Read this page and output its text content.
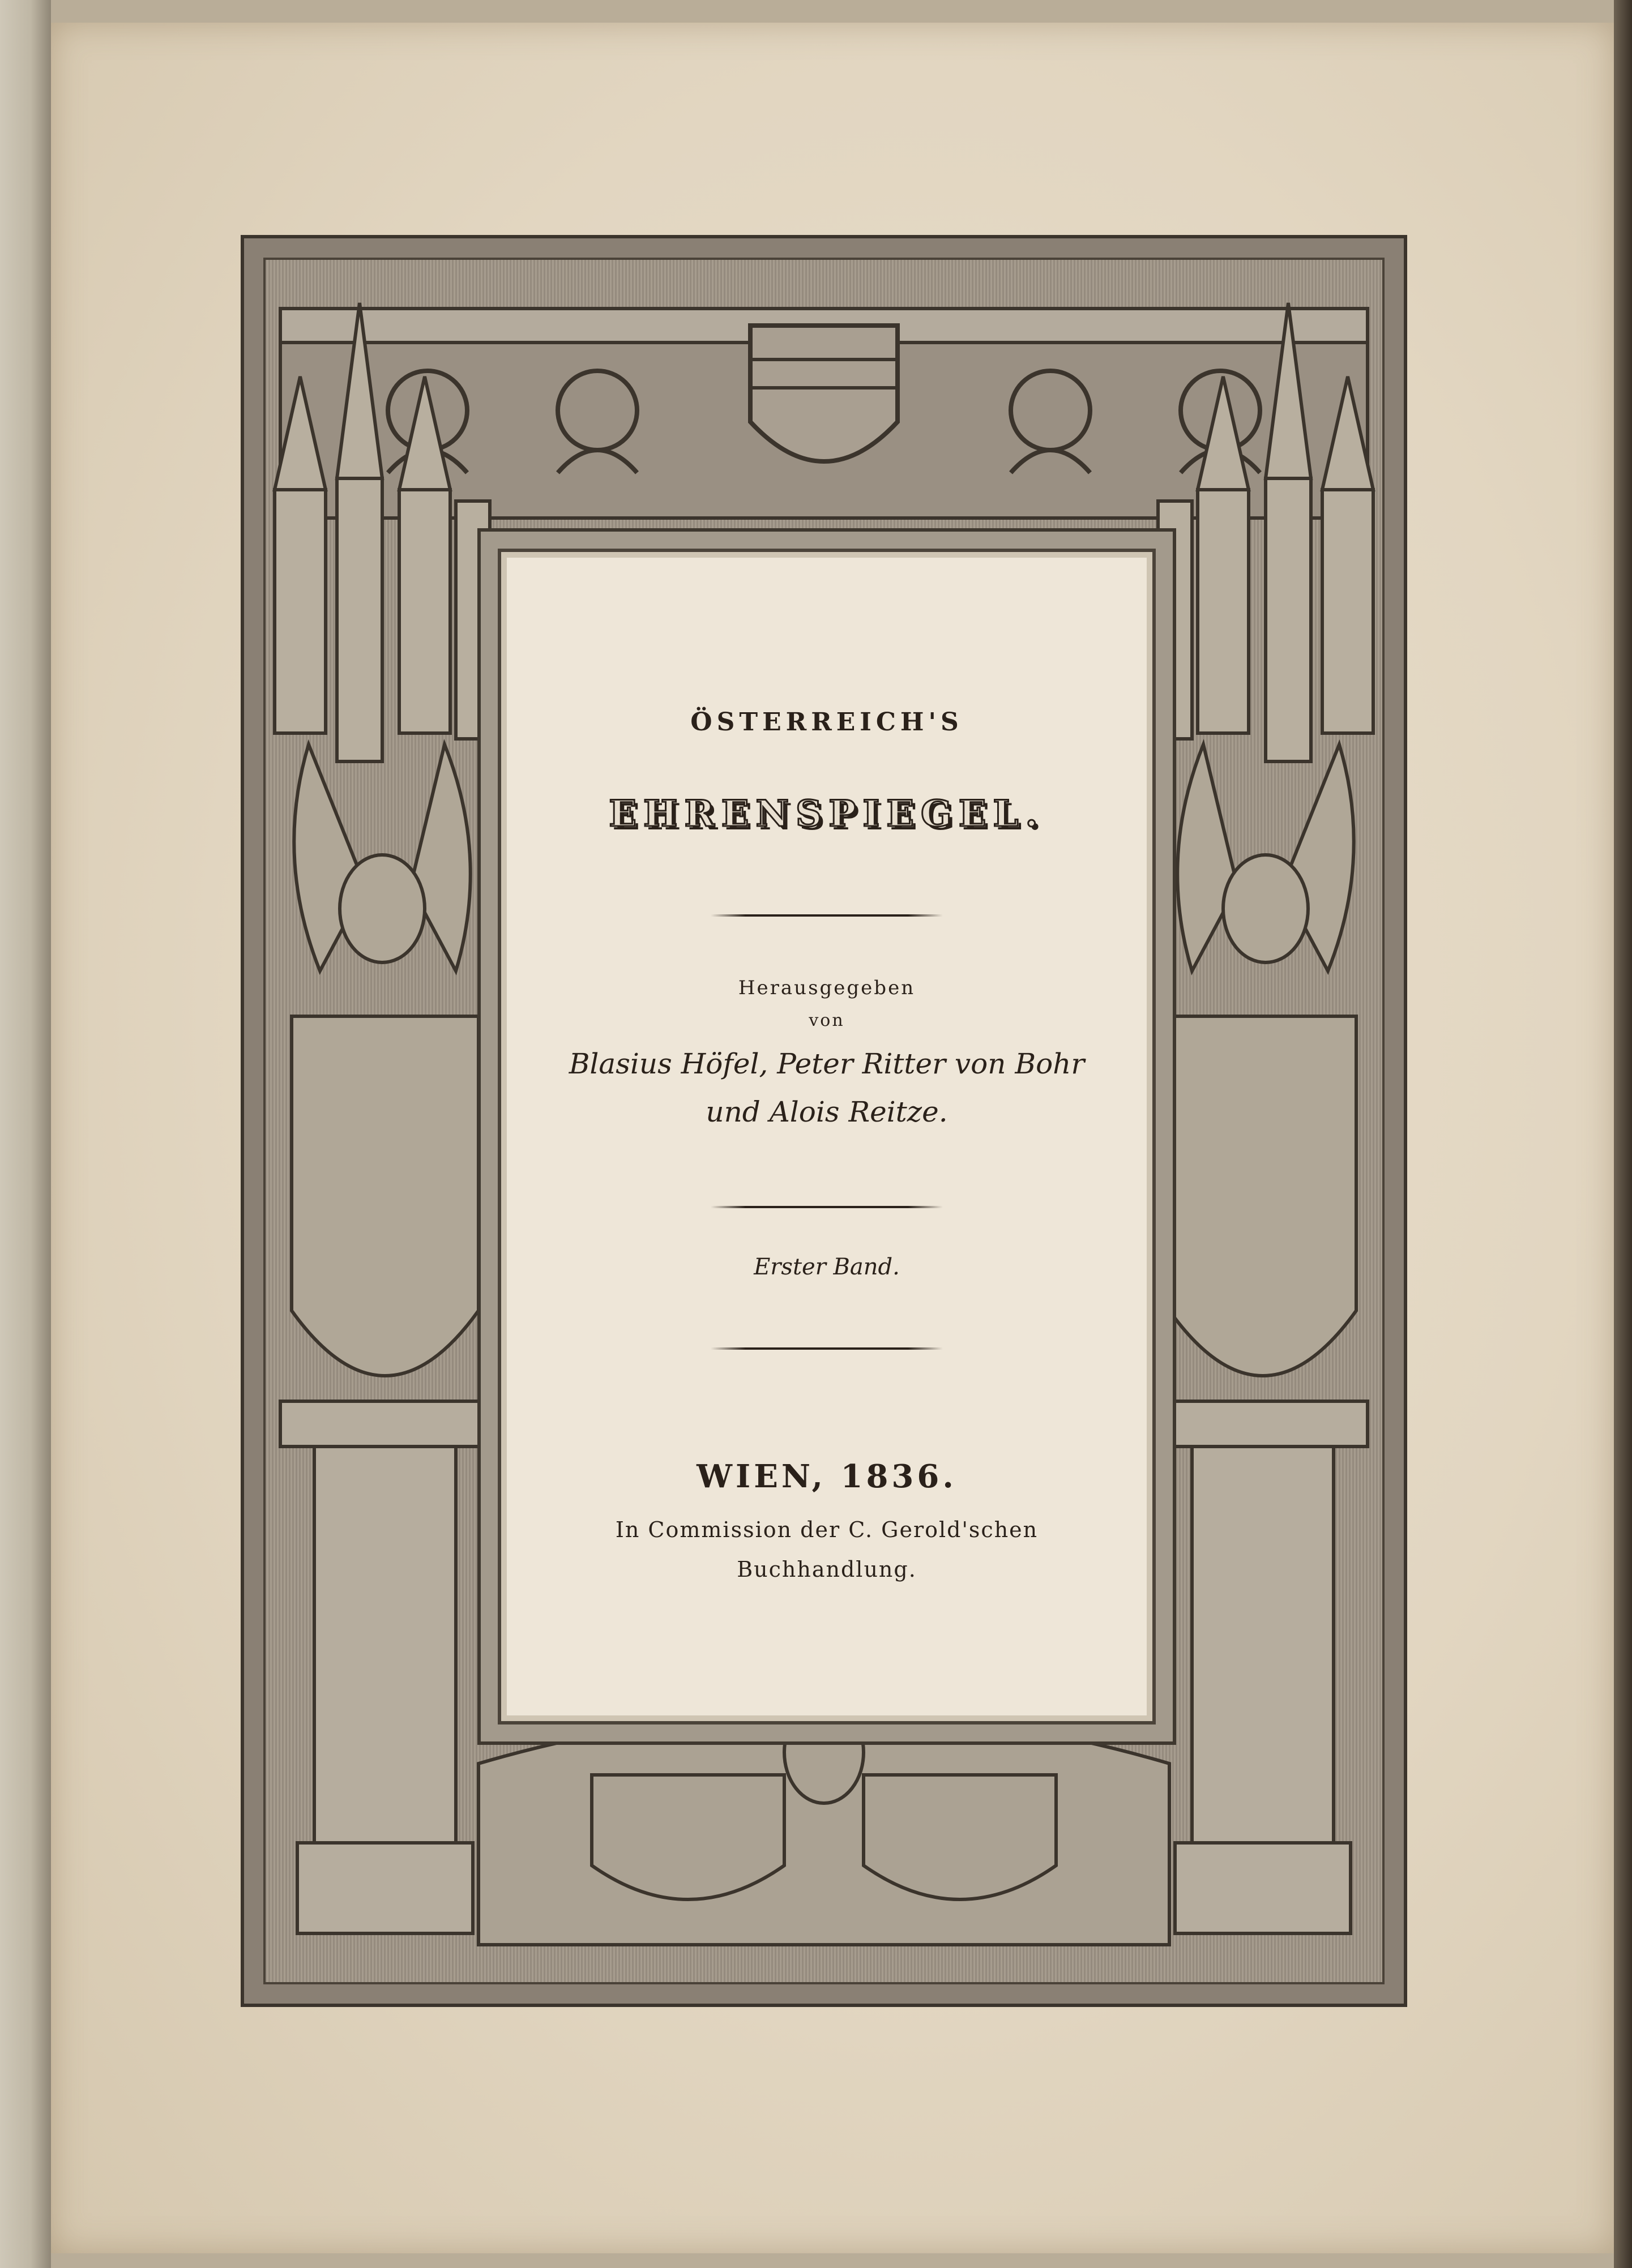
ÖSTERREICH'S
EHRENSPIEGEL.
Herausgegeben
von
Blasius Höfel, Peter Ritter von Bohr
und Alois Reitze.
Erster Band.
WIEN, 1836.
In Commission der C. Gerold'schen
Buchhandlung.
